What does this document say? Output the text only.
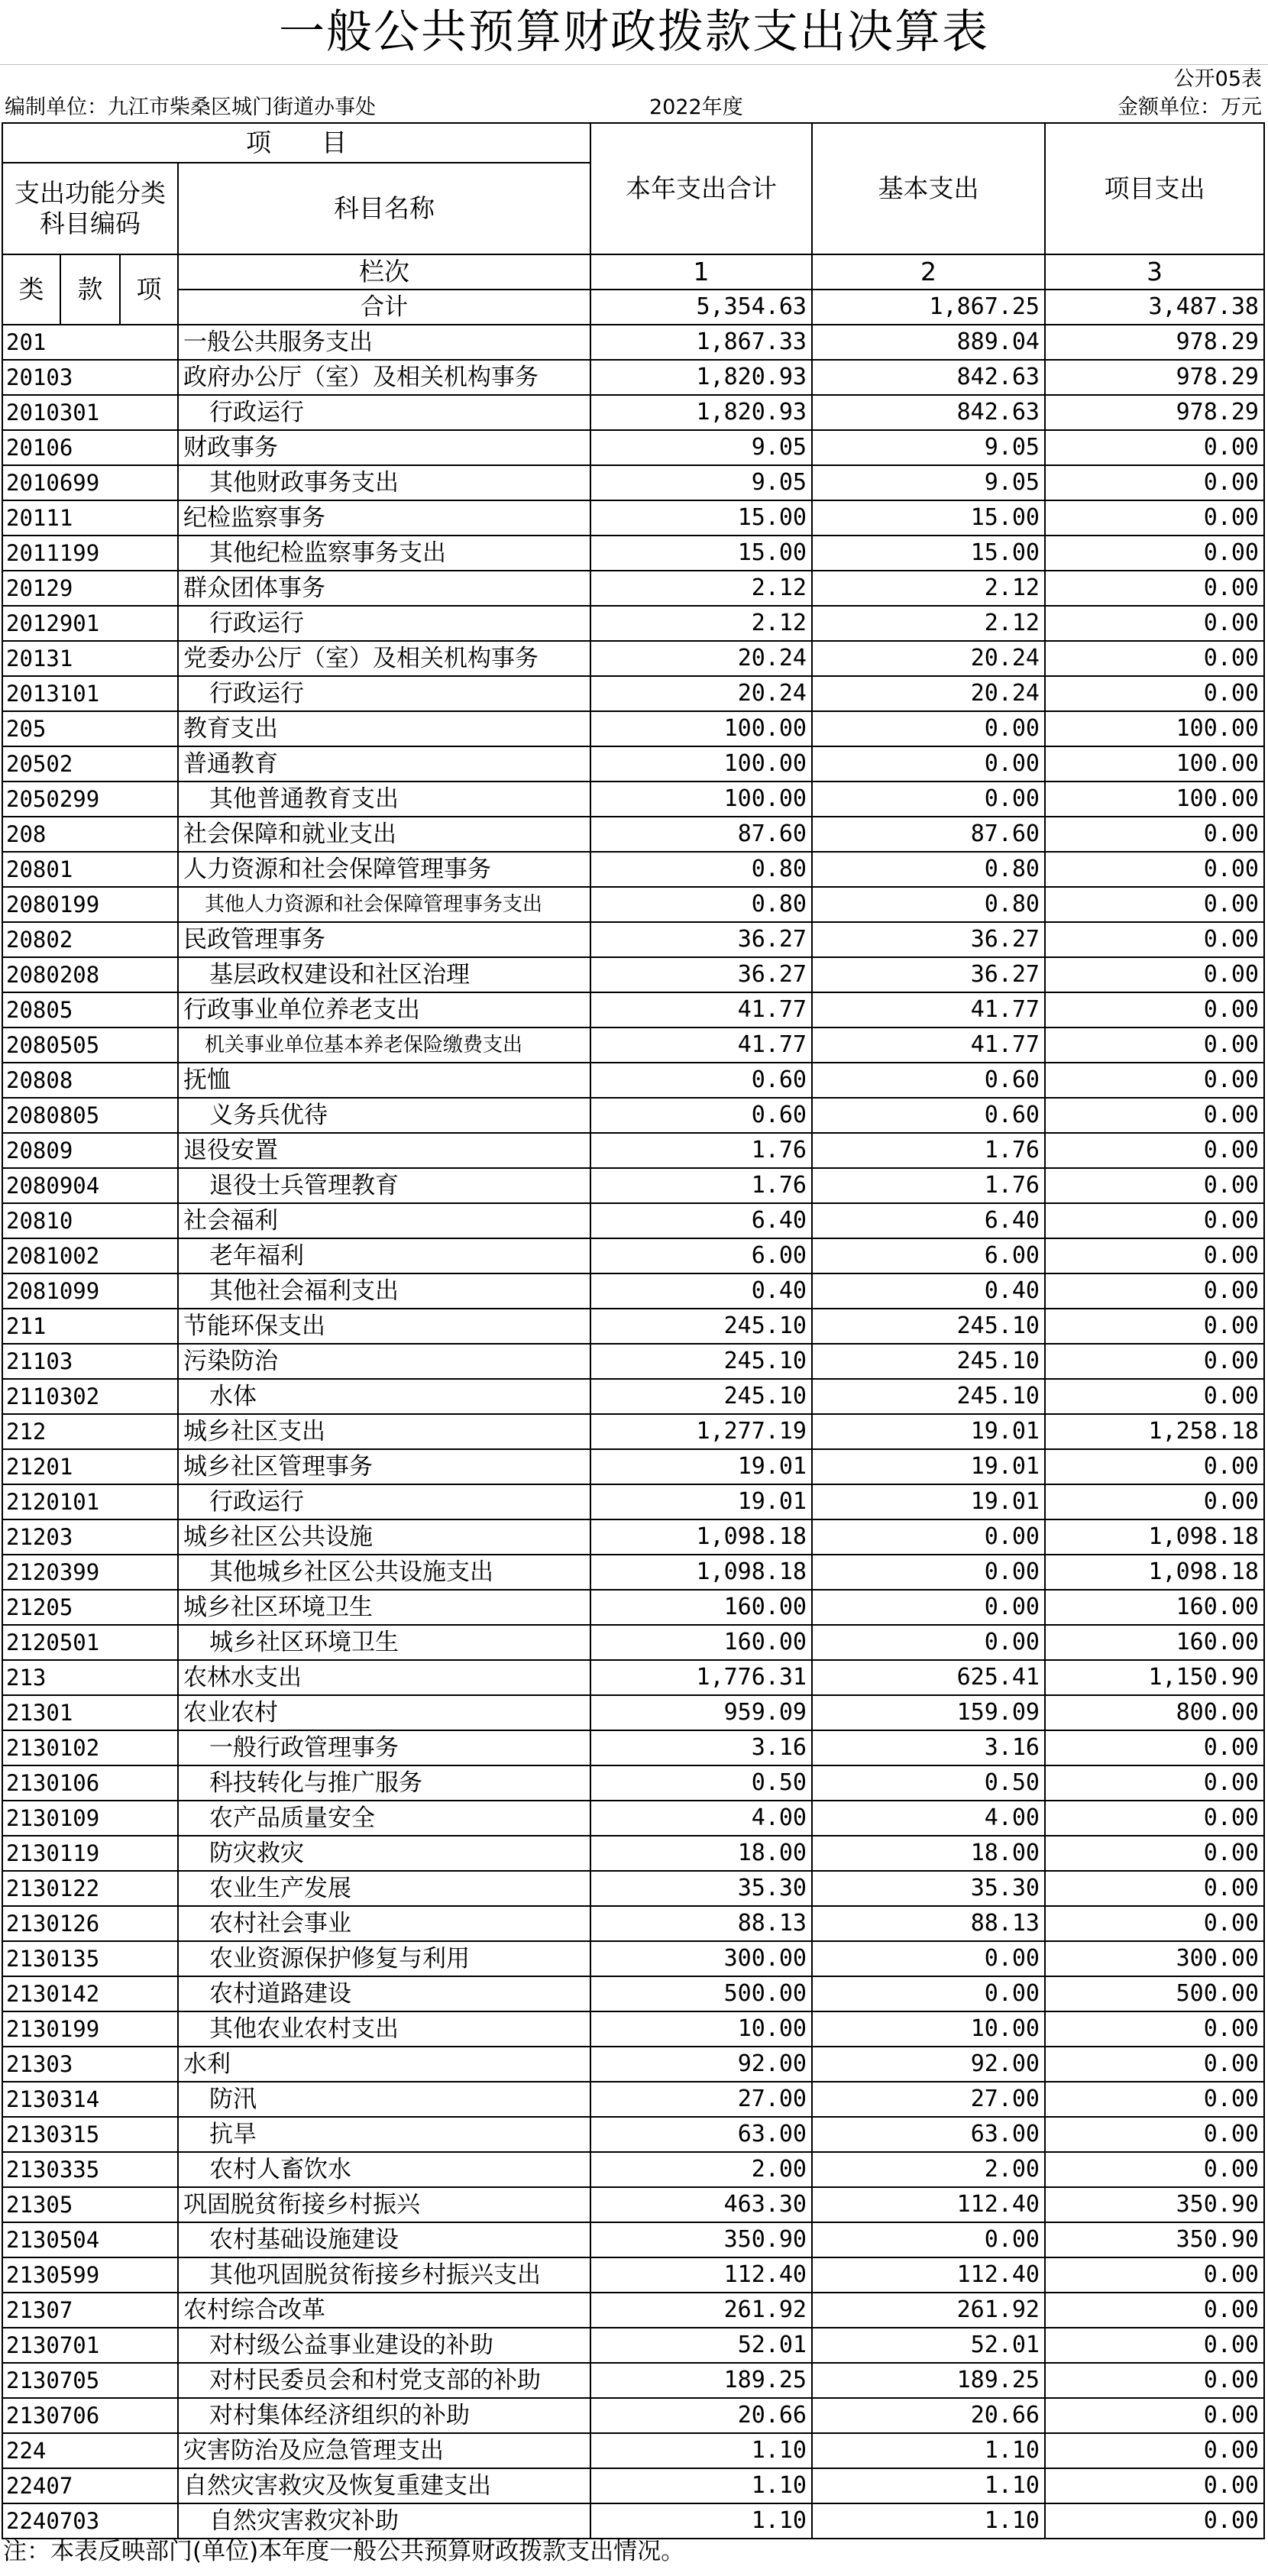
一般公共预算财政拨款支出决算表
公开05表
编制单位：九江市柴桑区城门街道办事处	2022年度	金额单位：万元
项　　目				本年支出合计	基本支出	项目支出
支出功能分类科目编码			科目名称			

类	款	项	栏次	1	2	3
			合计	5,354.63	1,867.25	3,487.38
201			一般公共服务支出	1,867.33	889.04	978.29
20103			政府办公厅（室）及相关机构事务	1,820.93	842.63	978.29
2010301			行政运行	1,820.93	842.63	978.29
20106			财政事务	9.05	9.05	0.00
2010699			其他财政事务支出	9.05	9.05	0.00
20111			纪检监察事务	15.00	15.00	0.00
2011199			其他纪检监察事务支出	15.00	15.00	0.00
20129			群众团体事务	2.12	2.12	0.00
2012901			行政运行	2.12	2.12	0.00
20131			党委办公厅（室）及相关机构事务	20.24	20.24	0.00
2013101			行政运行	20.24	20.24	0.00
205			教育支出	100.00	0.00	100.00
20502			普通教育	100.00	0.00	100.00
2050299			其他普通教育支出	100.00	0.00	100.00
208			社会保障和就业支出	87.60	87.60	0.00
20801			人力资源和社会保障管理事务	0.80	0.80	0.00
2080199			其他人力资源和社会保障管理事务支出	0.80	0.80	0.00
20802			民政管理事务	36.27	36.27	0.00
2080208			基层政权建设和社区治理	36.27	36.27	0.00
20805			行政事业单位养老支出	41.77	41.77	0.00
2080505			机关事业单位基本养老保险缴费支出	41.77	41.77	0.00
20808			抚恤	0.60	0.60	0.00
2080805			义务兵优待	0.60	0.60	0.00
20809			退役安置	1.76	1.76	0.00
2080904			退役士兵管理教育	1.76	1.76	0.00
20810			社会福利	6.40	6.40	0.00
2081002			老年福利	6.00	6.00	0.00
2081099			其他社会福利支出	0.40	0.40	0.00
211			节能环保支出	245.10	245.10	0.00
21103			污染防治	245.10	245.10	0.00
2110302			水体	245.10	245.10	0.00
212			城乡社区支出	1,277.19	19.01	1,258.18
21201			城乡社区管理事务	19.01	19.01	0.00
2120101			行政运行	19.01	19.01	0.00
21203			城乡社区公共设施	1,098.18	0.00	1,098.18
2120399			其他城乡社区公共设施支出	1,098.18	0.00	1,098.18
21205			城乡社区环境卫生	160.00	0.00	160.00
2120501			城乡社区环境卫生	160.00	0.00	160.00
213			农林水支出	1,776.31	625.41	1,150.90
21301			农业农村	959.09	159.09	800.00
2130102			一般行政管理事务	3.16	3.16	0.00
2130106			科技转化与推广服务	0.50	0.50	0.00
2130109			农产品质量安全	4.00	4.00	0.00
2130119			防灾救灾	18.00	18.00	0.00
2130122			农业生产发展	35.30	35.30	0.00
2130126			农村社会事业	88.13	88.13	0.00
2130135			农业资源保护修复与利用	300.00	0.00	300.00
2130142			农村道路建设	500.00	0.00	500.00
2130199			其他农业农村支出	10.00	10.00	0.00
21303			水利	92.00	92.00	0.00
2130314			防汛	27.00	27.00	0.00
2130315			抗旱	63.00	63.00	0.00
2130335			农村人畜饮水	2.00	2.00	0.00
21305			巩固脱贫衔接乡村振兴	463.30	112.40	350.90
2130504			农村基础设施建设	350.90	0.00	350.90
2130599			其他巩固脱贫衔接乡村振兴支出	112.40	112.40	0.00
21307			农村综合改革	261.92	261.92	0.00
2130701			对村级公益事业建设的补助	52.01	52.01	0.00
2130705			对村民委员会和村党支部的补助	189.25	189.25	0.00
2130706			对村集体经济组织的补助	20.66	20.66	0.00
224			灾害防治及应急管理支出	1.10	1.10	0.00
22407			自然灾害救灾及恢复重建支出	1.10	1.10	0.00
2240703			自然灾害救灾补助	1.10	1.10	0.00
注：本表反映部门(单位)本年度一般公共预算财政拨款支出情况。
